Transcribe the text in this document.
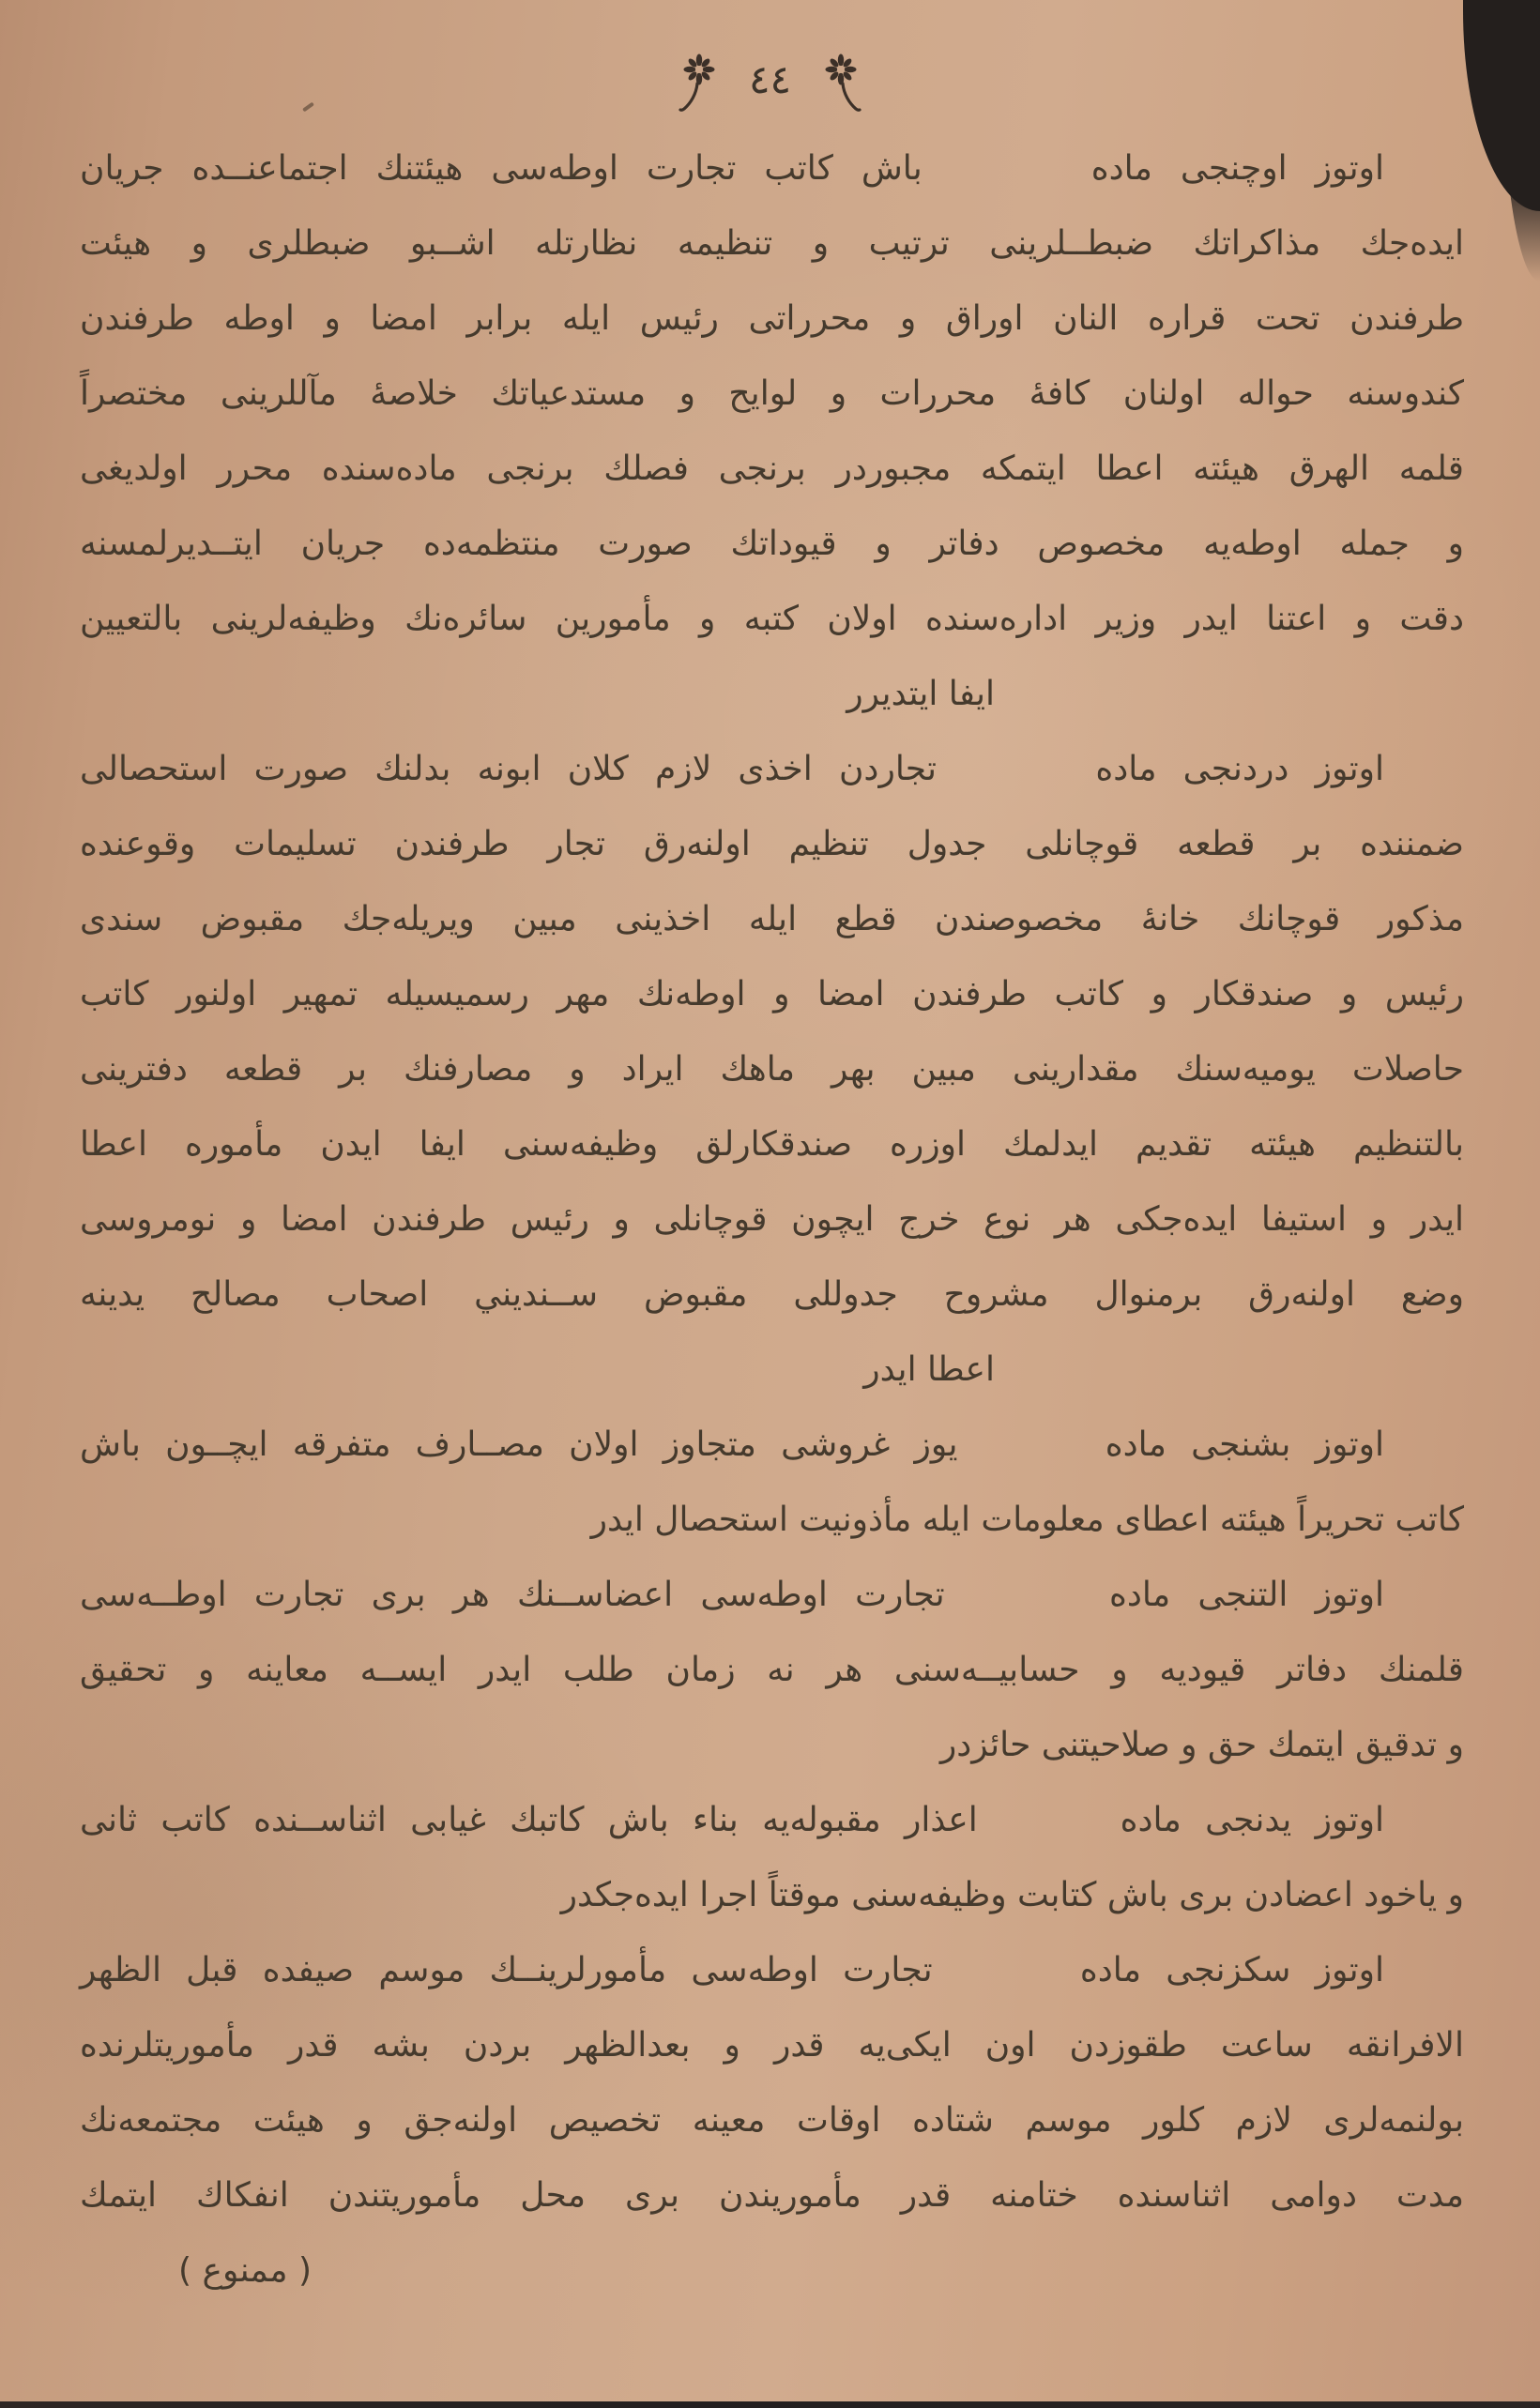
٤٤
اوتوز اوچنجى ماده      باش كاتب تجارت اوطه‌سى هيئتنك اجتماعنــده جريان
ايده‌جك مذاكراتك ضبطــلرينى ترتيب و تنظيمه نظارتله اشــبو ضبطلرى و هيئت
طرفندن تحت قراره النان اوراق و محرراتى رئيس ايله برابر امضا و اوطه طرفندن
كندوسنه حواله اولنان كافۀ محررات و لوايح و مستدعياتك خلاصۀ مآللرينى مختصراً
قلمه الهرق هيئته اعطا ايتمكه مجبوردر برنجى فصلك برنجى ماده‌سنده محرر اولديغى
و جمله اوطه‌يه مخصوص دفاتر و قيوداتك صورت منتظمه‌ده جريان ايتــديرلمسنه
دقت و اعتنا ايدر وزير اداره‌سنده اولان كتبه و مأمورين سائره‌نك وظيفه‌لرينى بالتعيين
ايفا ايتديرر
اوتوز دردنجى ماده      تجاردن اخذى لازم كلان ابونه بدلنك صورت استحصالى
ضمننده بر قطعه قوچانلى جدول تنظيم اولنه‌رق تجار طرفندن تسليمات وقوعنده
مذكور قوچانك خانۀ مخصوصندن قطع ايله اخذينى مبين ويريله‌جك مقبوض سندى
رئيس و صندقكار و كاتب طرفندن امضا و اوطه‌نك مهر رسميسيله تمهير اولنور كاتب
حاصلات يوميه‌سنك مقدارينى مبين بهر ماهك ايراد و مصارفنك بر قطعه دفترينى
بالتنظيم هيئته تقديم ايدلمك اوزره صندقكارلق وظيفه‌سنى ايفا ايدن مأموره اعطا
ايدر و استيفا ايده‌جكى هر نوع خرج ايچون قوچانلى و رئيس طرفندن امضا و نومروسى
وضع اولنه‌رق برمنوال مشروح جدوللى مقبوض ســنديني اصحاب مصالح يدينه
اعطا ايدر
اوتوز بشنجى ماده      يوز غروشى متجاوز اولان مصــارف متفرقه ايچــون باش
كاتب تحريراً هيئته اعطاى معلومات ايله مأذونيت استحصال ايدر
اوتوز التنجى ماده      تجارت اوطه‌سى اعضاســنك هر برى تجارت اوطــه‌سى
قلمنك دفاتر قيوديه و حسابيــه‌سنى هر نه زمان طلب ايدر ايســه معاينه و تحقيق
و تدقيق ايتمك حق و صلاحيتنى حائزدر
اوتوز يدنجى ماده      اعذار مقبوله‌يه بناء باش كاتبك غيابى اثناســنده كاتب ثانى
و ياخود اعضادن برى باش كتابت وظيفه‌سنى موقتاً اجرا ايده‌جكدر
اوتوز سكزنجى ماده      تجارت اوطه‌سى مأمورلرينــك موسم صيفده قبل الظهر
الافرانقه ساعت طقوزدن اون ايكى‌يه قدر و بعدالظهر بردن بشه قدر مأموريتلرنده
بولنمه‌لرى لازم كلور موسم شتاده اوقات معينه تخصيص اولنه‌جق و هيئت مجتمعه‌نك
مدت دوامى اثناسنده ختامنه قدر مأموريندن برى محل مأموريتندن انفكاك ايتمك
( ممنوع )
